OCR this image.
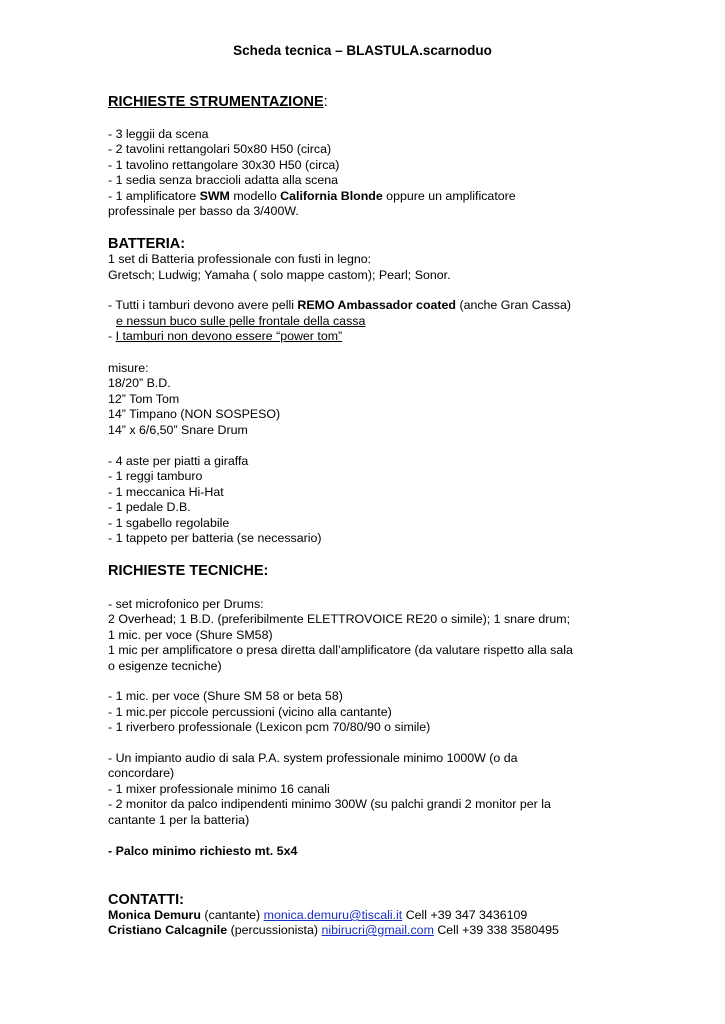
Scheda tecnica – BLASTULA.scarnoduo
RICHIESTE STRUMENTAZIONE:
- 3 leggii da scena
- 2 tavolini rettangolari 50x80 H50 (circa)
- 1 tavolino rettangolare 30x30 H50 (circa)
- 1 sedia senza braccioli adatta alla scena
- 1 amplificatore SWM modello California Blonde oppure un amplificatore
professinale per basso da 3/400W.
BATTERIA:
1 set di Batteria professionale con fusti in legno:
Gretsch; Ludwig; Yamaha ( solo mappe castom); Pearl; Sonor.
- Tutti i tamburi devono avere pelli REMO Ambassador coated (anche Gran Cassa)
e nessun buco sulle pelle frontale della cassa
- I tamburi non devono essere “power tom”
misure:
18/20” B.D.
12” Tom Tom
14” Timpano (NON SOSPESO)
14” x 6/6,50” Snare Drum
- 4 aste per piatti a giraffa
- 1 reggi tamburo
- 1 meccanica Hi-Hat
- 1 pedale D.B.
- 1 sgabello regolabile
- 1 tappeto per batteria (se necessario)
RICHIESTE TECNICHE:
- set microfonico per Drums:
2 Overhead; 1 B.D. (preferibilmente ELETTROVOICE RE20 o simile); 1 snare drum;
1 mic. per voce (Shure SM58)
1 mic per amplificatore o presa diretta dall’amplificatore (da valutare rispetto alla sala
o esigenze tecniche)
- 1 mic. per voce (Shure SM 58 or beta 58)
- 1 mic.per piccole percussioni (vicino alla cantante)
- 1 riverbero professionale (Lexicon pcm 70/80/90 o simile)
- Un impianto audio di sala P.A. system professionale minimo 1000W (o da
concordare)
- 1 mixer professionale minimo 16 canali
- 2 monitor da palco indipendenti minimo 300W (su palchi grandi 2 monitor per la
cantante 1 per la batteria)
- Palco minimo richiesto mt. 5x4
CONTATTI:
Monica Demuru (cantante) monica.demuru@tiscali.it Cell +39 347 3436109
Cristiano Calcagnile (percussionista) nibirucri@gmail.com Cell +39 338 3580495
